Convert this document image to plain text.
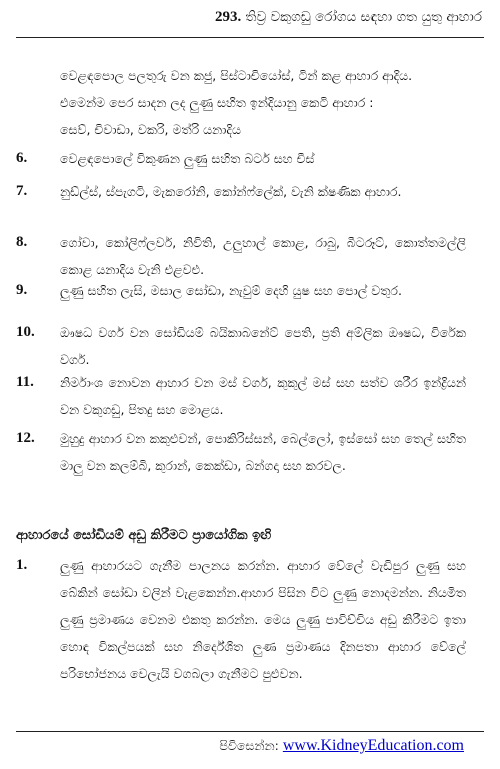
293. තිව්‍ර වකුගඩු රෝගය සඳහා ගත යුතු ආහාර
වෙළඳපොල පලතුරු වන කජු, පිස්ටාචියෝස්, ටින් කළ ආහාර ආදිය.
එමෙන්ම පෙර සාදන ලද ලුණු සහිත ඉන්දියානු කෙටි ආහාර :
සෙව්, චිවාඩා, වකරි, මත්රි යනාදිය
6.	වෙළඳපොලේ විකුණන ලුණු සහිත බටර් සහ චීස්
7.	නුඩ්ල්ස්, ස්පැගටි, මැකරෝනි, කෝන්ෆ්ලේක්, වැනි ක්ෂණික ආහාර.
8.	ගෝවා, කෝලිෆ්ලවර්, නිවිති, උලුහාල් කොළ, රාබු, බීටරූට්, කොත්තමල්ලි කොළ යනාදිය වැනි එළවළු.
9.	ලුණු සහිත ලැසි, මසාල සෝඩා, නැවුම් දෙහි යුෂ සහ පොල් වතුර.
10.	ඖෂධ වර්ග වන සෝඩියම් බයිකාබනේට් පෙති, ප්‍රති අම්ලික ඖෂධ, විරේක වර්ග.
11.	නිර්මාංශ නොවන ආහාර වන මස් වර්ග, කුකුල් මස් සහ සත්ව ශරීර ඉන්ද්‍රියන් වන වකුගඩු, පිතදු සහ මොළය.
12.	මුහුදු ආහාර වන කකුළුවන්, පොකිරිස්සන්, බෙල්ලෝ, ඉස්සෝ සහ තෙල් සහිත මාලු වන කලම්බි, කුරාන්, කෙක්ඩා, බන්ගදා සහ කරවල.
ආහාරයේ සෝඩියම් අඩු කිරීමට ප්‍රායෝගික ඉඟි
1.	ලුණු ආහාරයට ගැනීම පාලනය කරන්න. ආහාර වේලේ වැඩිපුර ලුණු සහ බේකින් සෝඩා වලින් වැළකෙන්න.ආහාර පිසින විට ලුණු නොදමන්න. නියමිත ලුණු ප්‍රමාණය වෙනම එකතු කරන්න. මෙය ලුණු පාවිච්චිය අඩු කිරීමට ඉතා හොඳ විකල්පයක් සහ නිර්දේශිත ලුණ ප්‍රමාණය දිනපතා ආහාර වේලේ පරිභෝජනය වෙලැයි වගබලා ගැනීමට පුළුවන.
පිවිසෙන්න: www.KidneyEducation.com
